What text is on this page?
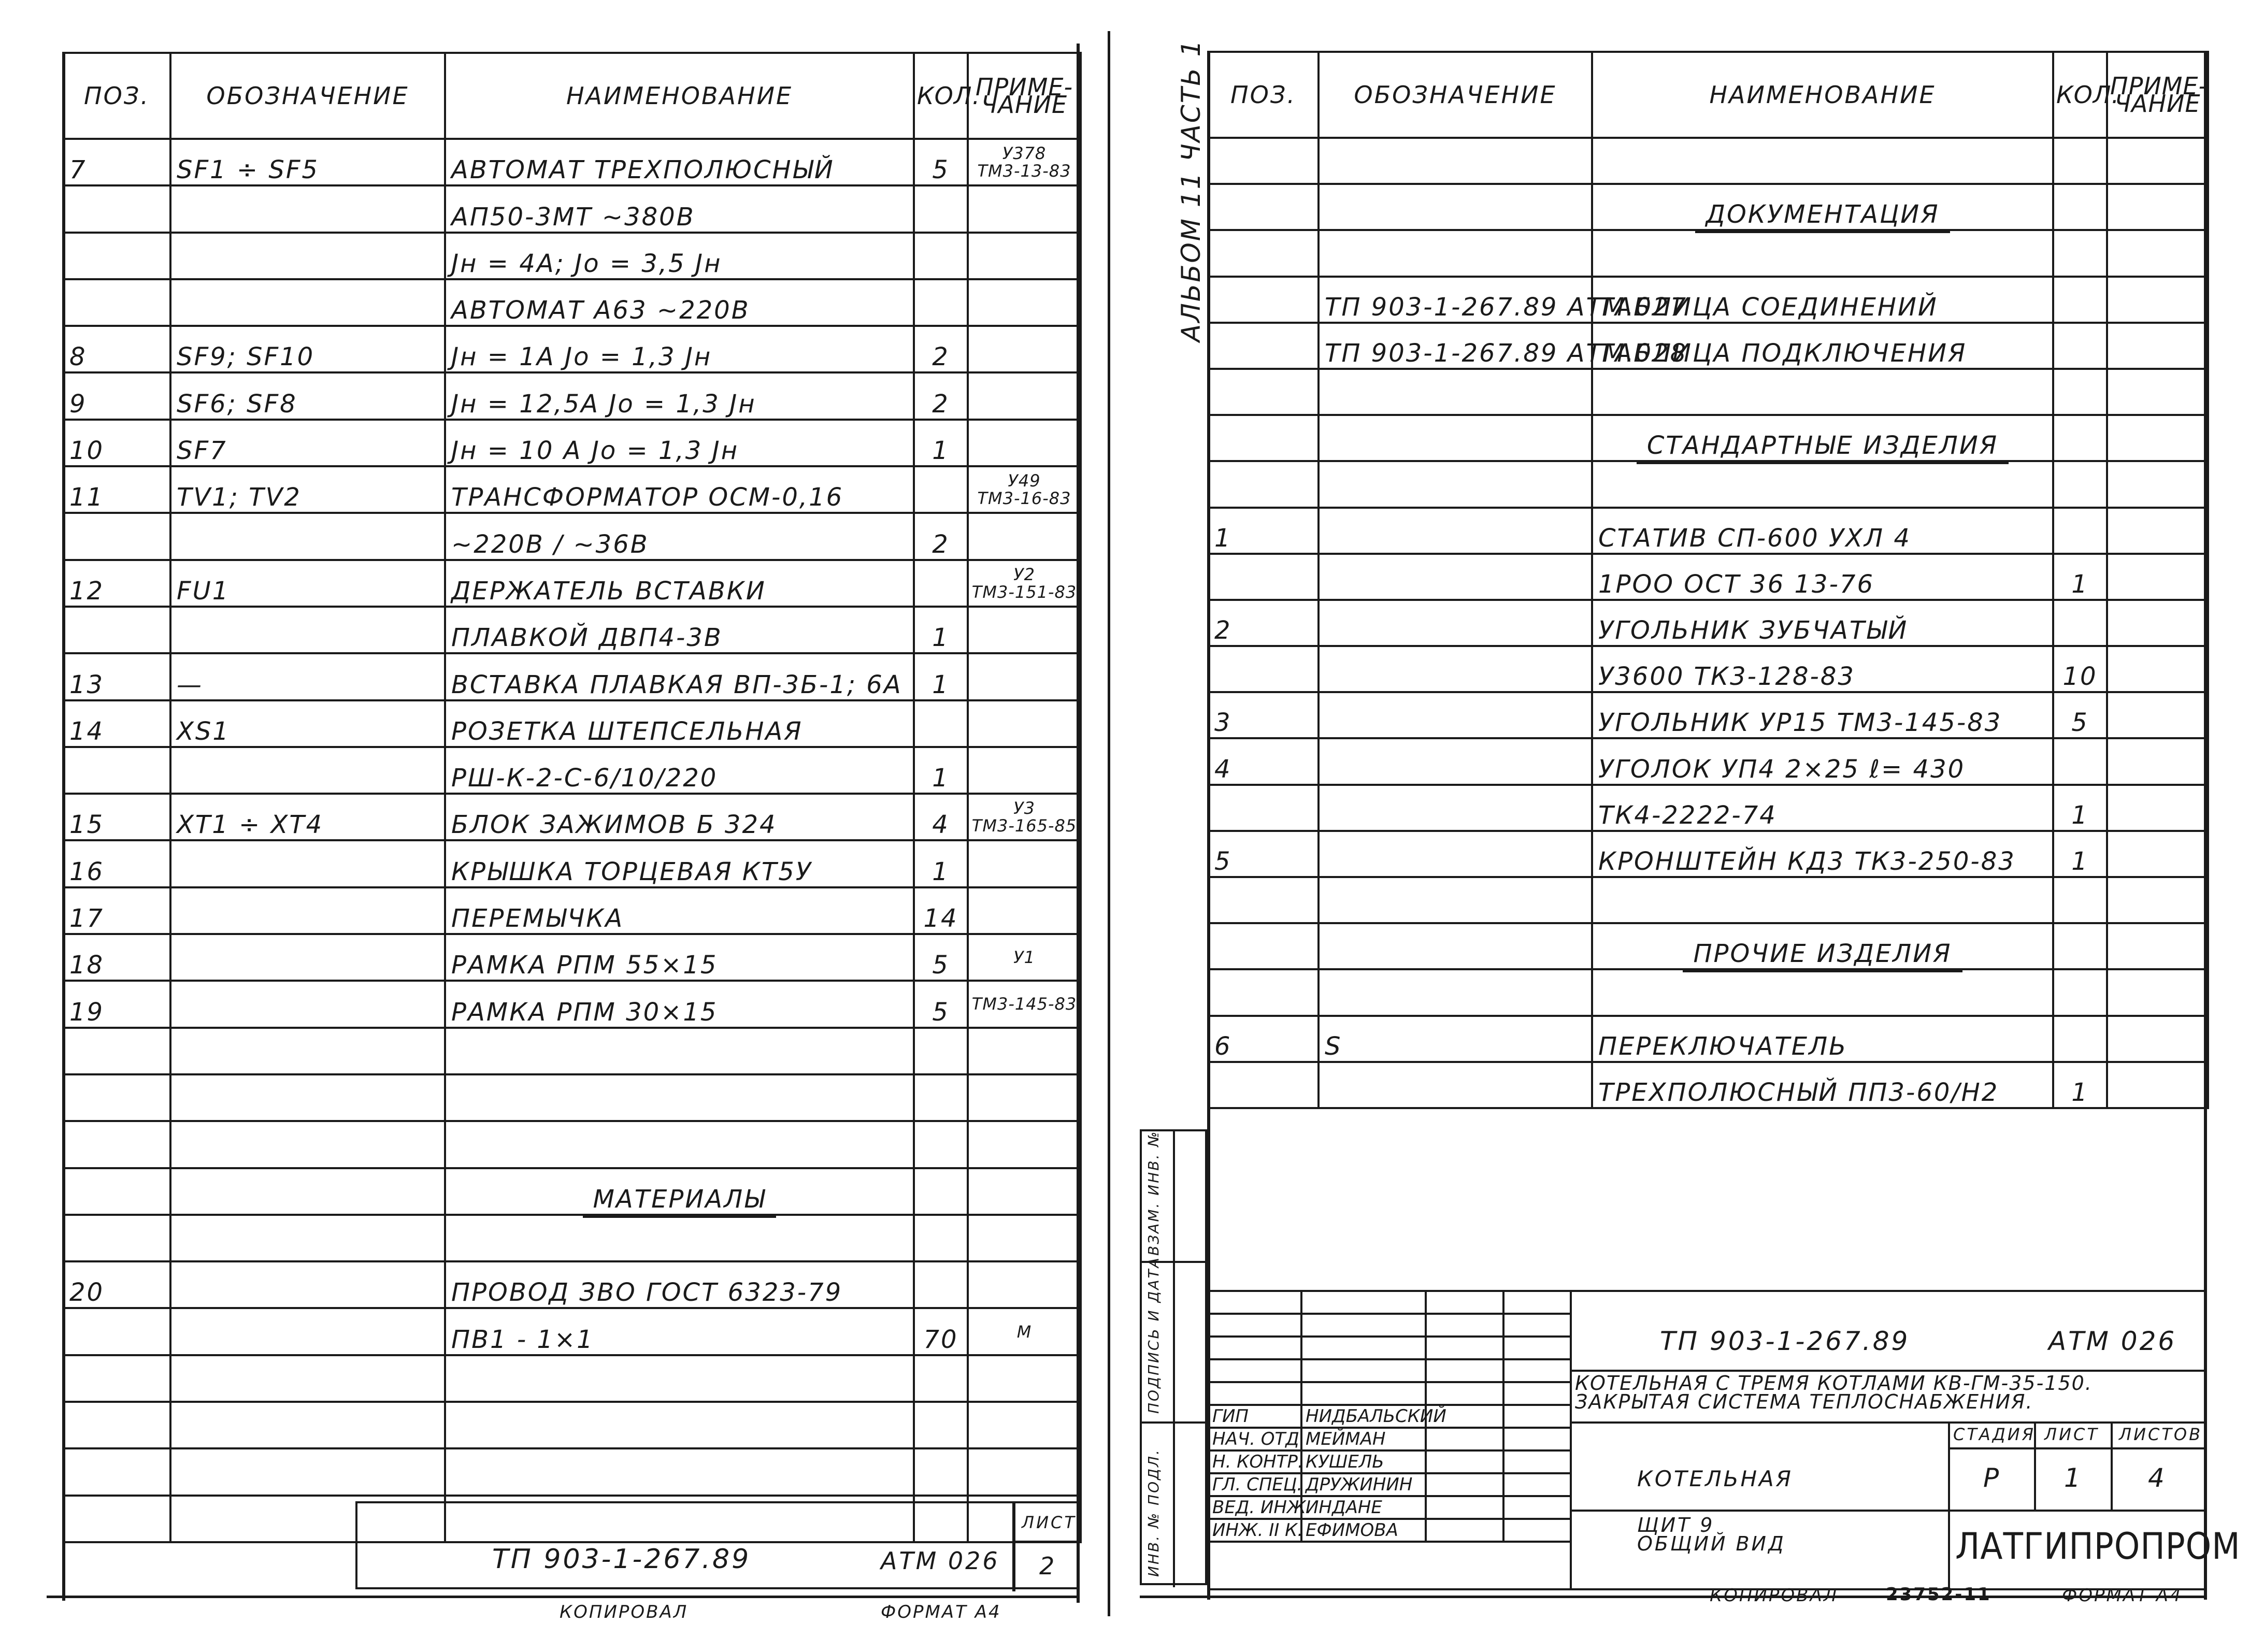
ПОЗ.	ОБОЗНАЧЕНИЕ	НАИМЕНОВАНИЕ	КОЛ.	ПРИМЕ-
ЧАНИЕ
7	SF1 ÷ SF5	АВТОМАТ ТРЕХПОЛЮСНЫЙ	5	У378
ТМ3-13-83
		АП50-3МТ ~380В		
		Jн = 4А; Jо = 3,5 Jн		
		АВТОМАТ А63 ~220В		
8	SF9; SF10	Jн = 1А Jо = 1,3 Jн	2	
9	SF6; SF8	Jн = 12,5А Jо = 1,3 Jн	2	
10	SF7	Jн = 10 А Jо = 1,3 Jн	1	
11	TV1; TV2	ТРАНСФОРМАТОР ОСМ-0,16		У49
ТМ3-16-83
		~220В / ~36В	2	
12	FU1	ДЕРЖАТЕЛЬ ВСТАВКИ		У2
ТМ3-151-83
		ПЛАВКОЙ ДВП4-3В	1	
13	—	ВСТАВКА ПЛАВКАЯ ВП-3Б-1; 6А	1	
14	XS1	РОЗЕТКА ШТЕПСЕЛЬНАЯ		
		РШ-К-2-С-6/10/220	1	
15	XT1 ÷ XT4	БЛОК ЗАЖИМОВ Б 324	4	У3
ТМ3-165-85
16		КРЫШКА ТОРЦЕВАЯ КТ5У	1	
17		ПЕРЕМЫЧКА	14	
18		РАМКА РПМ 55×15	5	У1
19		РАМКА РПМ 30×15	5	ТМ3-145-83

		МАТЕРИАЛЫ		

20		ПРОВОД ЗВО ГОСТ 6323-79		
		ПВ1 - 1×1	70	М

ТП 903-1-267.89	АТМ 026
ЛИСТ
2
КОПИРОВАЛ	ФОРМАТ А4
ПОЗ.	ОБОЗНАЧЕНИЕ	НАИМЕНОВАНИЕ	КОЛ.	ПРИМЕ-
ЧАНИЕ

		ДОКУМЕНТАЦИЯ		

	ТП 903-1-267.89 АТМ.027	ТАБЛИЦА СОЕДИНЕНИЙ		
	ТП 903-1-267.89 АТМ.028	ТАБЛИЦА ПОДКЛЮЧЕНИЯ		

		СТАНДАРТНЫЕ ИЗДЕЛИЯ		

1		СТАТИВ СП-600 УХЛ 4		
		1РОО ОСТ 36 13-76	1	
2		УГОЛЬНИК ЗУБЧАТЫЙ		
		У3600 ТК3-128-83	10	
3		УГОЛЬНИК УР15 ТМ3-145-83	5	
4		УГОЛОК УП4 2×25 ℓ= 430		
		ТК4-2222-74	1	
5		КРОНШТЕЙН КД3 ТК3-250-83	1	

		ПРОЧИЕ ИЗДЕЛИЯ		

6	S	ПЕРЕКЛЮЧАТЕЛЬ		
		ТРЕХПОЛЮСНЫЙ ПП3-60/Н2	1	
АЛЬБОМ 11 ЧАСТЬ 1
ВЗАМ. ИНВ. №
ПОДПИСЬ И ДАТА
ИНВ. № ПОДЛ.

ГИП	НИДБАЛЬСКИЙ		
НАЧ. ОТД.	МЕЙМАН		
Н. КОНТР.	КУШЕЛЬ		
ГЛ. СПЕЦ.	ДРУЖИНИН		
ВЕД. ИНЖ.	ИНДАНЕ		
ИНЖ. II К.	ЕФИМОВА		
ТП 903-1-267.89	АТМ 026
КОТЕЛЬНАЯ С ТРЕМЯ КОТЛАМИ КВ-ГМ-35-150.
ЗАКРЫТАЯ СИСТЕМА ТЕПЛОСНАБЖЕНИЯ.
СТАДИЯ ЛИСТ ЛИСТОВ
Р 1	4
КОТЕЛЬНАЯ
ЩИТ 9
ОБЩИЙ ВИД	ЛАТГИПРОПРОМ
КОПИРОВАЛ	23752-11	ФОРМАТ А4
